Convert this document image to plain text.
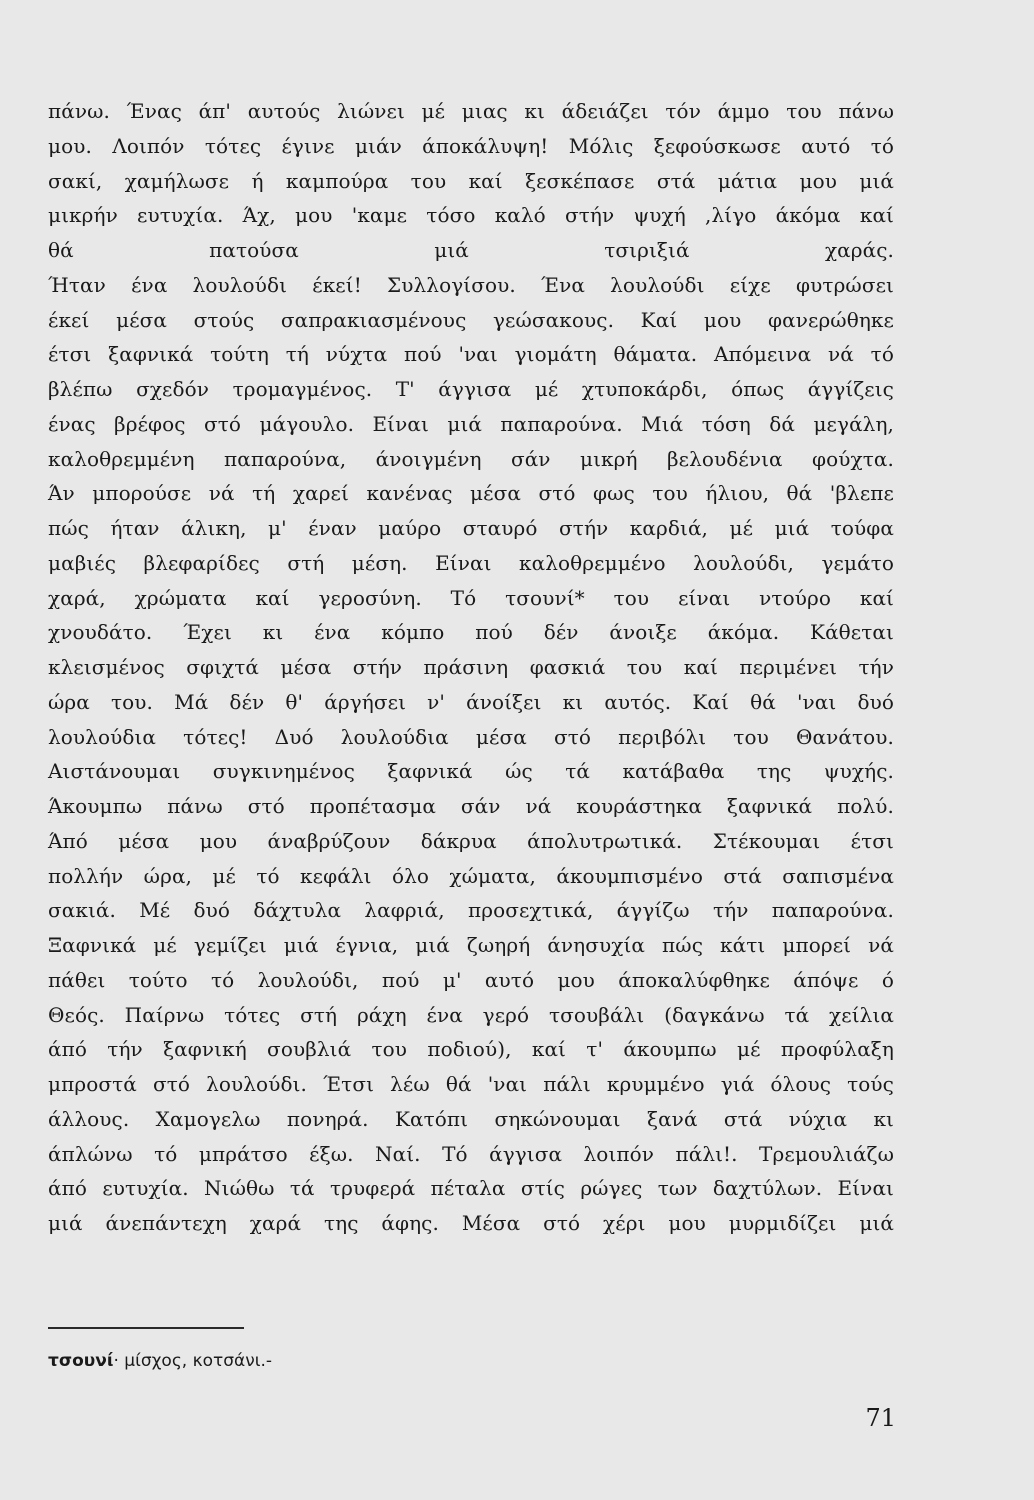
πάνω. Ένας άπ' αυτούς λιώνει μέ μιας κι άδειάζει τόν άμμο του πάνω
μου. Λοιπόν τότες έγινε μιάν άποκάλυψη! Μόλις ξεφούσκωσε αυτό τό
σακί, χαμήλωσε ή καμπούρα του καί ξεσκέπασε στά μάτια μου μιά
μικρήν ευτυχία. Άχ, μου 'καμε τόσο καλό στήν ψυχή ,λίγο άκόμα καί
θά πατούσα μιά τσιριξιά χαράς.
Ήταν ένα λουλούδι έκεί! Συλλογίσου. Ένα λουλούδι είχε φυτρώσει
έκεί μέσα στούς σαπρακιασμένους γεώσακους. Καί μου φανερώθηκε
έτσι ξαφνικά τούτη τή νύχτα πού 'ναι γιομάτη θάματα. Απόμεινα νά τό
βλέπω σχεδόν τρομαγμένος. Τ' άγγισα μέ χτυποκάρδι, όπως άγγίζεις
ένας βρέφος στό μάγουλο. Είναι μιά παπαρούνα. Μιά τόση δά μεγάλη,
καλοθρεμμένη παπαρούνα, άνοιγμένη σάν μικρή βελουδένια φούχτα.
Άν μπορούσε νά τή χαρεί κανένας μέσα στό φως του ήλιου, θά 'βλεπε
πώς ήταν άλικη, μ' έναν μαύρο σταυρό στήν καρδιά, μέ μιά τούφα
μαβιές βλεφαρίδες στή μέση. Είναι καλοθρεμμένο λουλούδι, γεμάτο
χαρά, χρώματα καί γεροσύνη. Τό τσουνί* του είναι ντούρο καί
χνουδάτο. Έχει κι ένα κόμπο πού δέν άνοιξε άκόμα. Κάθεται
κλεισμένος σφιχτά μέσα στήν πράσινη φασκιά του καί περιμένει τήν
ώρα του. Μά δέν θ' άργήσει ν' άνοίξει κι αυτός. Καί θά 'ναι δυό
λουλούδια τότες! Δυό λουλούδια μέσα στό περιβόλι του Θανάτου.
Αιστάνουμαι συγκινημένος ξαφνικά ώς τά κατάβαθα της ψυχής.
Άκουμπω πάνω στό προπέτασμα σάν νά κουράστηκα ξαφνικά πολύ.
Άπό μέσα μου άναβρύζουν δάκρυα άπολυτρωτικά. Στέκουμαι έτσι
πολλήν ώρα, μέ τό κεφάλι όλο χώματα, άκουμπισμένο στά σαπισμένα
σακιά. Μέ δυό δάχτυλα λαφριά, προσεχτικά, άγγίζω τήν παπαρούνα.
Ξαφνικά μέ γεμίζει μιά έγνια, μιά ζωηρή άνησυχία πώς κάτι μπορεί νά
πάθει τούτο τό λουλούδι, πού μ' αυτό μου άποκαλύφθηκε άπόψε ό
Θεός. Παίρνω τότες στή ράχη ένα γερό τσουβάλι (δαγκάνω τά χείλια
άπό τήν ξαφνική σουβλιά του ποδιού), καί τ' άκουμπω μέ προφύλαξη
μπροστά στό λουλούδι. Έτσι λέω θά 'ναι πάλι κρυμμένο γιά όλους τούς
άλλους. Χαμογελω πονηρά. Κατόπι σηκώνουμαι ξανά στά νύχια κι
άπλώνω τό μπράτσο έξω. Ναί. Τό άγγισα λοιπόν πάλι!. Τρεμουλιάζω
άπό ευτυχία. Νιώθω τά τρυφερά πέταλα στίς ρώγες των δαχτύλων. Είναι
μιά άνεπάντεχη χαρά της άφης. Μέσα στό χέρι μου μυρμιδίζει μιά
τσουνί· μίσχος, κοτσάνι.-
71
